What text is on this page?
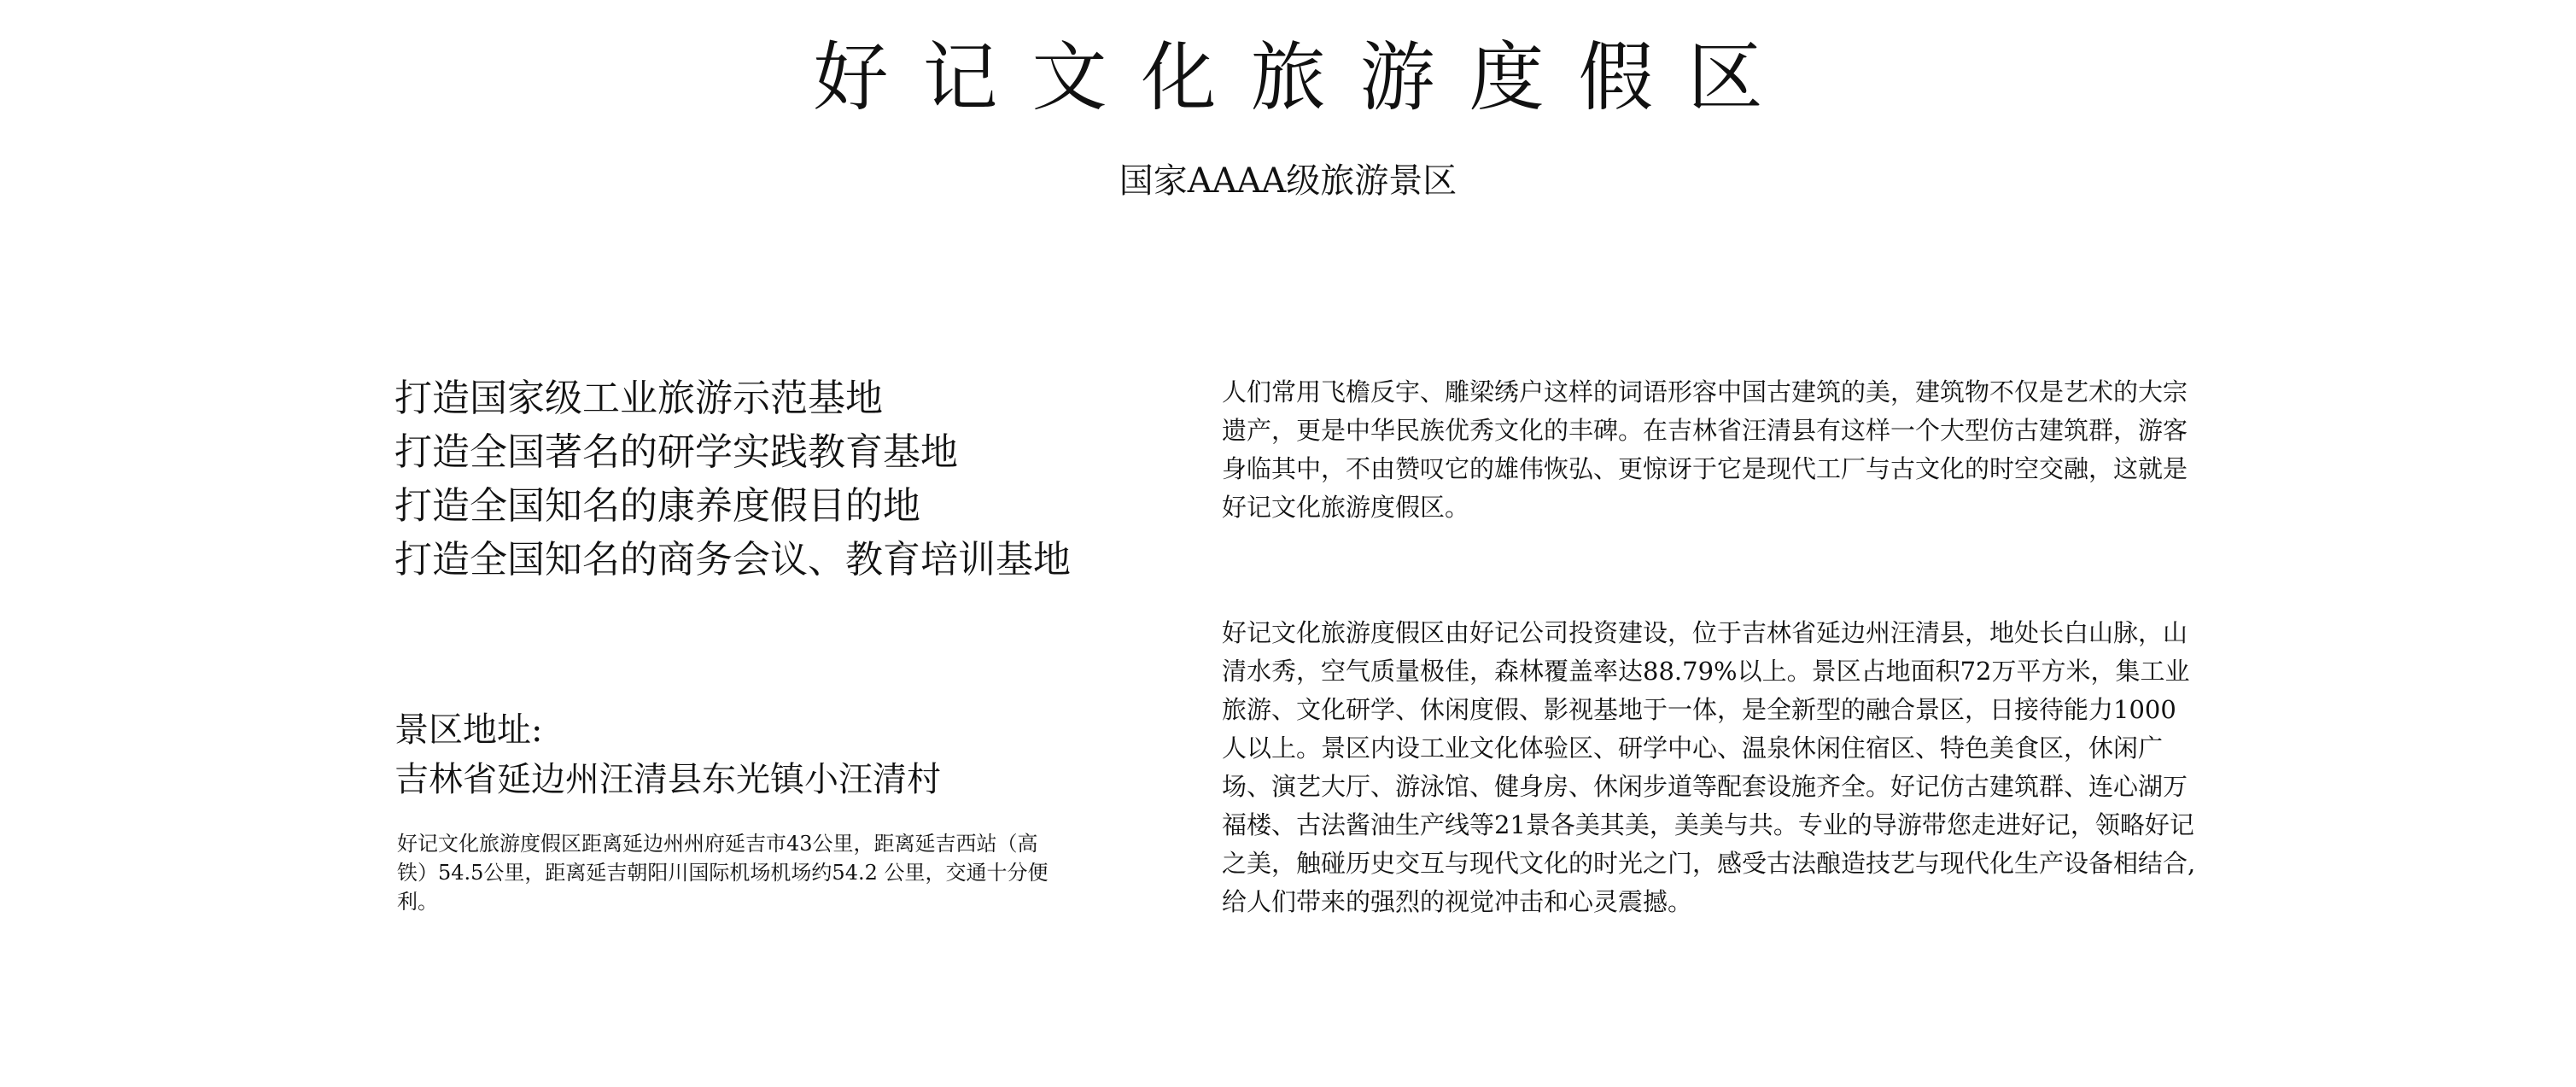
好记文化旅游度假区
国家AAAA级旅游景区
打造国家级工业旅游示范基地
打造全国著名的研学实践教育基地
打造全国知名的康养度假目的地
打造全国知名的商务会议、教育培训基地
景区地址:
吉林省延边州汪清县东光镇小汪清村
好记文化旅游度假区距离延边州州府延吉市43公里，距离延吉西站（高铁）54.5公里，距离延吉朝阳川国际机场机场约54.2 公里，交通十分便利。

人们常用飞檐反宇、雕梁绣户这样的词语形容中国古建筑的美，建筑物不仅是艺术的大宗遗产，更是中华民族优秀文化的丰碑。在吉林省汪清县有这样一个大型仿古建筑群，游客身临其中，不由赞叹它的雄伟恢弘、更惊讶于它是现代工厂与古文化的时空交融，这就是好记文化旅游度假区。

好记文化旅游度假区由好记公司投资建设，位于吉林省延边州汪清县，地处长白山脉，山清水秀，空气质量极佳，森林覆盖率达88.79%以上。景区占地面积72万平方米，集工业旅游、文化研学、休闲度假、影视基地于一体，是全新型的融合景区，日接待能力1000人以上。景区内设工业文化体验区、研学中心、温泉休闲住宿区、特色美食区，休闲广场、演艺大厅、游泳馆、健身房、休闲步道等配套设施齐全。好记仿古建筑群、连心湖万福楼、古法酱油生产线等21景各美其美，美美与共。专业的导游带您走进好记，领略好记之美，触碰历史交互与现代文化的时光之门，感受古法酿造技艺与现代化生产设备相结合,给人们带来的强烈的视觉冲击和心灵震撼。
